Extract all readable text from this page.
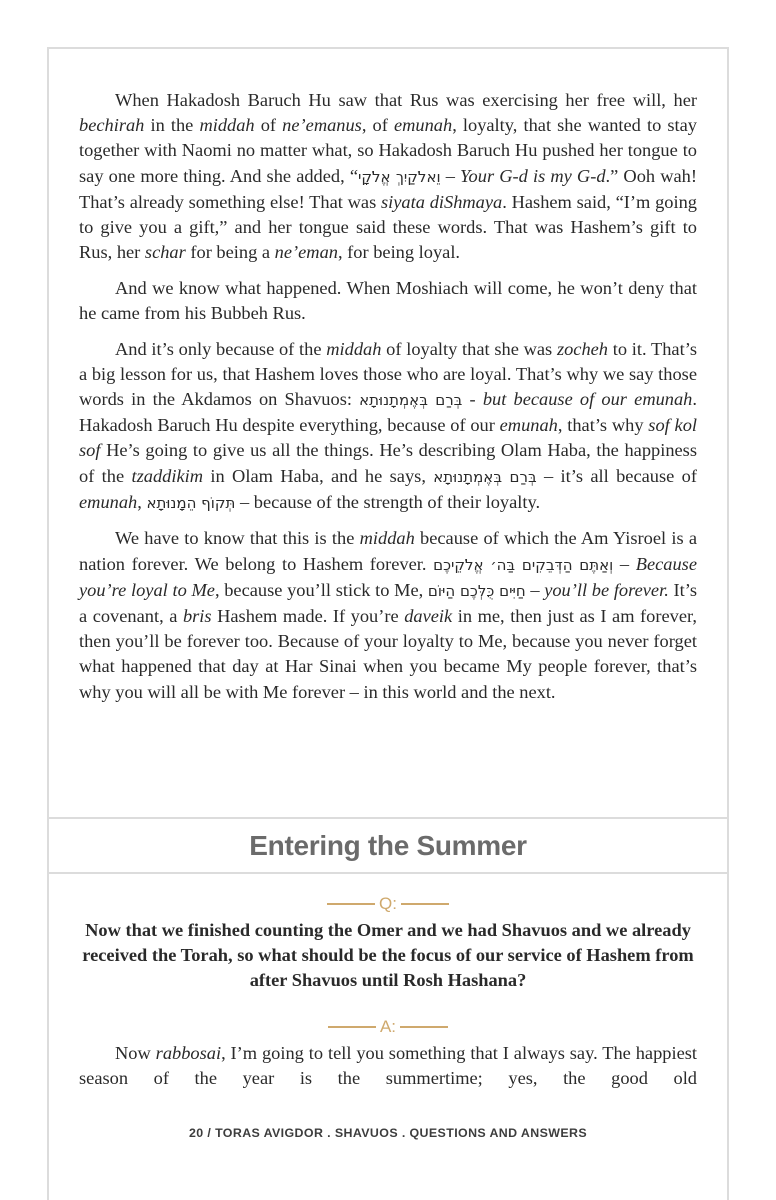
When Hakadosh Baruch Hu saw that Rus was exercising her free will, her bechirah in the middah of ne’emanus, of emunah, loyalty, that she wanted to stay together with Naomi no matter what, so Hakadosh Baruch Hu pushed her tongue to say one more thing. And she added, “וֵאלֹקַיִךְ אֱלֹקָי – Your G-d is my G-d.” Ooh wah! That’s already something else! That was siyata diShmaya. Hashem said, “I’m going to give you a gift,” and her tongue said these words. That was Hashem’s gift to Rus, her schar for being a ne’eman, for being loyal.

And we know what happened. When Moshiach will come, he won’t deny that he came from his Bubbeh Rus.

And it’s only because of the middah of loyalty that she was zocheh to it. That’s a big lesson for us, that Hashem loves those who are loyal. That’s why we say those words in the Akdamos on Shavuos: בְּרַם בְּאֶמְתָנוּתָא - but because of our emunah. Hakadosh Baruch Hu despite everything, because of our emunah, that’s why sof kol sof He’s going to give us all the things. He’s describing Olam Haba, the happiness of the tzaddikim in Olam Haba, and he says, בְּרַם בְּאֶמְתָנוּתָא – it’s all because of emunah, תְּקוֹף הֵמָנוּתָא – because of the strength of their loyalty.

We have to know that this is the middah because of which the Am Yisroel is a nation forever. We belong to Hashem forever. וְאַתֶּם הַדְּבֵקִים בַּה׳ אֱלֹקֵיכֶם – Because you’re loyal to Me, because you’ll stick to Me, חַיִּים כֻּלְּכֶם הַיּוֹם – you’ll be forever. It’s a covenant, a bris Hashem made. If you’re daveik in me, then just as I am forever, then you’ll be forever too. Because of your loyalty to Me, because you never forget what happened that day at Har Sinai when you became My people forever, that’s why you will all be with Me forever – in this world and the next.

Entering the Summer
Q:
Now that we finished counting the Omer and we had Shavuos and we already received the Torah, so what should be the focus of our service of Hashem from after Shavuos until Rosh Hashana?
A:

Now rabbosai, I’m going to tell you something that I always say. The happiest season of the year is the summertime; yes, the good old

20 / TORAS AVIGDOR . SHAVUOS . QUESTIONS AND ANSWERS
